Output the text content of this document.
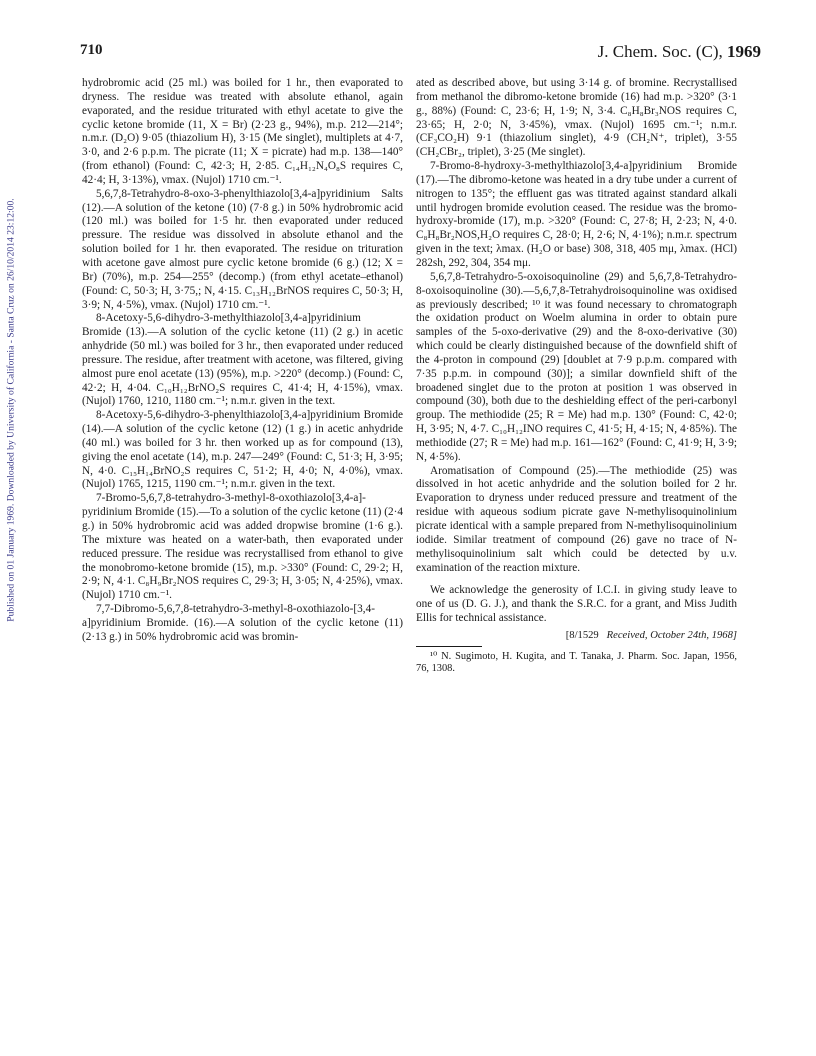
Published on 01 January 1969. Downloaded by University of California - Santa Cruz on 26/10/2014 23:12:00.
710	J. Chem. Soc. (C), 1969

hydrobromic acid (25 ml.) was boiled for 1 hr., then evaporated to dryness. The residue was treated with absolute ethanol, again evaporated, and the residue triturated with ethyl acetate to give the cyclic ketone bromide (11, X = Br) (2·23 g., 94%), m.p. 212—214°; n.m.r. (D₂O) 9·05 (thiazolium H), 3·15 (Me singlet), multiplets at 4·7, 3·0, and 2·6 p.p.m. The picrate (11; X = picrate) had m.p. 138—140° (from ethanol) (Found: C, 42·3; H, 2·85. C₁₄H₁₂N₄O₈S requires C, 42·4; H, 3·13%), νmax. (Nujol) 1710 cm.⁻¹.

5,6,7,8-Tetrahydro-8-oxo-3-phenylthiazolo[3,4-a]pyridinium Salts (12).—A solution of the ketone (10) (7·8 g.) in 50% hydrobromic acid (120 ml.) was boiled for 1·5 hr. then evaporated under reduced pressure. The residue was dissolved in absolute ethanol and the solution boiled for 1 hr. then evaporated. The residue on trituration with acetone gave almost pure cyclic ketone bromide (6 g.) (12; X = Br) (70%), m.p. 254—255° (decomp.) (from ethyl acetate–ethanol) (Found: C, 50·3; H, 3·75,; N, 4·15. C₁₃H₁₂BrNOS requires C, 50·3; H, 3·9; N, 4·5%), νmax. (Nujol) 1710 cm.⁻¹.

8-Acetoxy-5,6-dihydro-3-methylthiazolo[3,4-a]pyridinium Bromide (13).—A solution of the cyclic ketone (11) (2 g.) in acetic anhydride (50 ml.) was boiled for 3 hr., then evaporated under reduced pressure. The residue, after treatment with acetone, was filtered, giving almost pure enol acetate (13) (95%), m.p. >220° (decomp.) (Found: C, 42·2; H, 4·04. C₁₀H₁₂BrNO₂S requires C, 41·4; H, 4·15%), νmax. (Nujol) 1760, 1210, 1180 cm.⁻¹; n.m.r. given in the text.

8-Acetoxy-5,6-dihydro-3-phenylthiazolo[3,4-a]pyridinium Bromide (14).—A solution of the cyclic ketone (12) (1 g.) in acetic anhydride (40 ml.) was boiled for 3 hr. then worked up as for compound (13), giving the enol acetate (14), m.p. 247—249° (Found: C, 51·3; H, 3·95; N, 4·0. C₁₅H₁₄BrNO₂S requires C, 51·2; H, 4·0; N, 4·0%), νmax. (Nujol) 1765, 1215, 1190 cm.⁻¹; n.m.r. given in the text.

7-Bromo-5,6,7,8-tetrahydro-3-methyl-8-oxothiazolo[3,4-a]-pyridinium Bromide (15).—To a solution of the cyclic ketone (11) (2·4 g.) in 50% hydrobromic acid was added dropwise bromine (1·6 g.). The mixture was heated on a water-bath, then evaporated under reduced pressure. The residue was recrystallised from ethanol to give the monobromo-ketone bromide (15), m.p. >330° (Found: C, 29·2; H, 2·9; N, 4·1. C₈H₉Br₂NOS requires C, 29·3; H, 3·05; N, 4·25%), νmax. (Nujol) 1710 cm.⁻¹.

7,7-Dibromo-5,6,7,8-tetrahydro-3-methyl-8-oxothiazolo-[3,4-a]pyridinium Bromide. (16).—A solution of the cyclic ketone (11) (2·13 g.) in 50% hydrobromic acid was bromin-

ated as described above, but using 3·14 g. of bromine. Recrystallised from methanol the dibromo-ketone bromide (16) had m.p. >320° (3·1 g., 88%) (Found: C, 23·6; H, 1·9; N, 3·4. C₈H₈Br₃NOS requires C, 23·65; H, 2·0; N, 3·45%), νmax. (Nujol) 1695 cm.⁻¹; n.m.r. (CF₃CO₂H) 9·1 (thiazolium singlet), 4·9 (CH₂N⁺, triplet), 3·55 (CH₂CBr₂, triplet), 3·25 (Me singlet).

7-Bromo-8-hydroxy-3-methylthiazolo[3,4-a]pyridinium Bromide (17).—The dibromo-ketone was heated in a dry tube under a current of nitrogen to 135°; the effluent gas was titrated against standard alkali until hydrogen bromide evolution ceased. The residue was the bromo-hydroxy-bromide (17), m.p. >320° (Found: C, 27·8; H, 2·23; N, 4·0. C₈H₈Br₂NOS,H₂O requires C, 28·0; H, 2·6; N, 4·1%); n.m.r. spectrum given in the text; λmax. (H₂O or base) 308, 318, 405 mμ, λmax. (HCl) 282sh, 292, 304, 354 mμ.

5,6,7,8-Tetrahydro-5-oxoisoquinoline (29) and 5,6,7,8-Tetrahydro-8-oxoisoquinoline (30).—5,6,7,8-Tetrahydroisoquinoline was oxidised as previously described; ¹⁰ it was found necessary to chromatograph the oxidation product on Woelm alumina in order to obtain pure samples of the 5-oxo-derivative (29) and the 8-oxo-derivative (30) which could be clearly distinguished because of the downfield shift of the 4-proton in compound (29) [doublet at 7·9 p.p.m. compared with 7·35 p.p.m. in compound (30)]; a similar downfield shift of the broadened singlet due to the proton at position 1 was observed in compound (30), both due to the deshielding effect of the peri-carbonyl group. The methiodide (25; R = Me) had m.p. 130° (Found: C, 42·0; H, 3·95; N, 4·7. C₁₀H₁₂INO requires C, 41·5; H, 4·15; N, 4·85%). The methiodide (27; R = Me) had m.p. 161—162° (Found: C, 41·9; H, 3·9; N, 4·5%).

Aromatisation of Compound (25).—The methiodide (25) was dissolved in hot acetic anhydride and the solution boiled for 2 hr. Evaporation to dryness under reduced pressure and treatment of the residue with aqueous sodium picrate gave N-methylisoquinolinium picrate identical with a sample prepared from N-methylisoquinolinium iodide. Similar treatment of compound (26) gave no trace of N-methylisoquinolinium salt which could be detected by u.v. examination of the reaction mixture.

We acknowledge the generosity of I.C.I. in giving study leave to one of us (D. G. J.), and thank the S.R.C. for a grant, and Miss Judith Ellis for technical assistance.

[8/1529 Received, October 24th, 1968]

¹⁰ N. Sugimoto, H. Kugita, and T. Tanaka, J. Pharm. Soc. Japan, 1956, 76, 1308.
